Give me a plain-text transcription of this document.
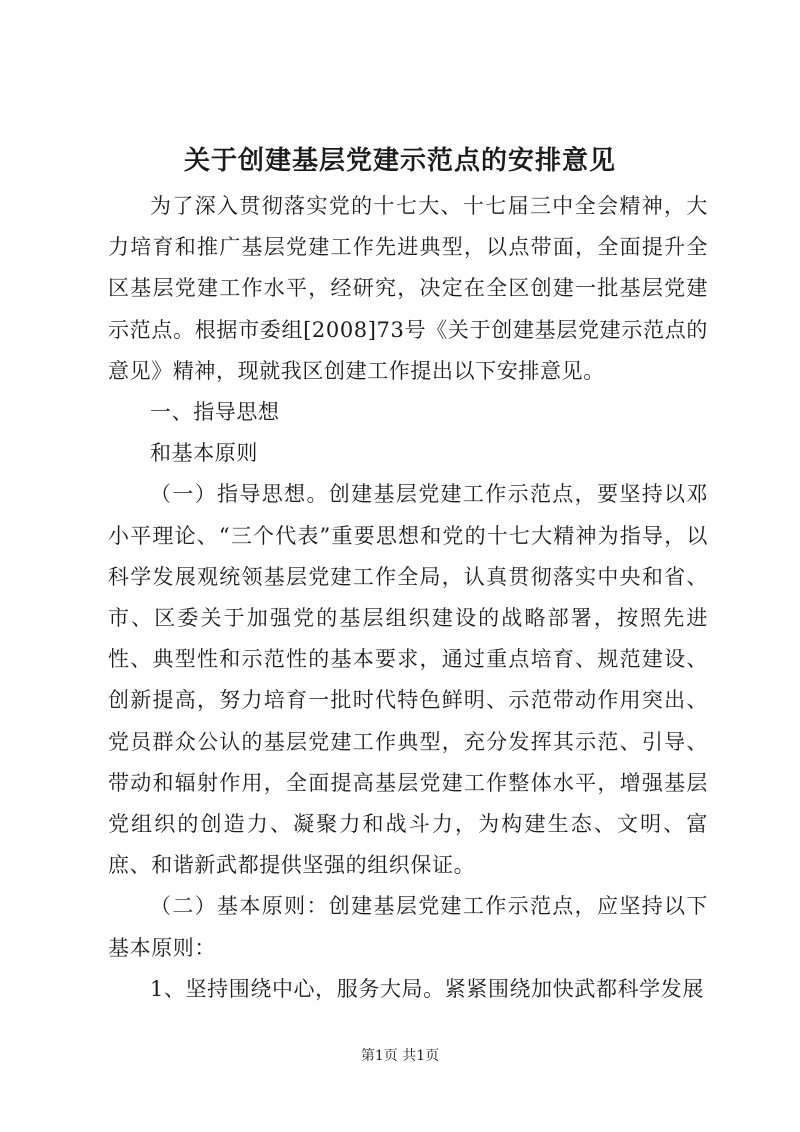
关于创建基层党建示范点的安排意见

为了深入贯彻落实党的十七大、十七届三中全会精神，大力培育和推广基层党建工作先进典型，以点带面，全面提升全区基层党建工作水平，经研究，决定在全区创建一批基层党建示范点。根据市委组[2008]73号《关于创建基层党建示范点的意见》精神，现就我区创建工作提出以下安排意见。

一、指导思想

和基本原则

（一）指导思想。创建基层党建工作示范点，要坚持以邓小平理论、“三个代表”重要思想和党的十七大精神为指导，以科学发展观统领基层党建工作全局，认真贯彻落实中央和省、市、区委关于加强党的基层组织建设的战略部署，按照先进性、典型性和示范性的基本要求，通过重点培育、规范建设、创新提高，努力培育一批时代特色鲜明、示范带动作用突出、党员群众公认的基层党建工作典型，充分发挥其示范、引导、带动和辐射作用，全面提高基层党建工作整体水平，增强基层党组织的创造力、凝聚力和战斗力，为构建生态、文明、富庶、和谐新武都提供坚强的组织保证。

（二）基本原则：创建基层党建工作示范点，应坚持以下基本原则：

1、坚持围绕中心，服务大局。紧紧围绕加快武都科学发展

第1页 共1页
